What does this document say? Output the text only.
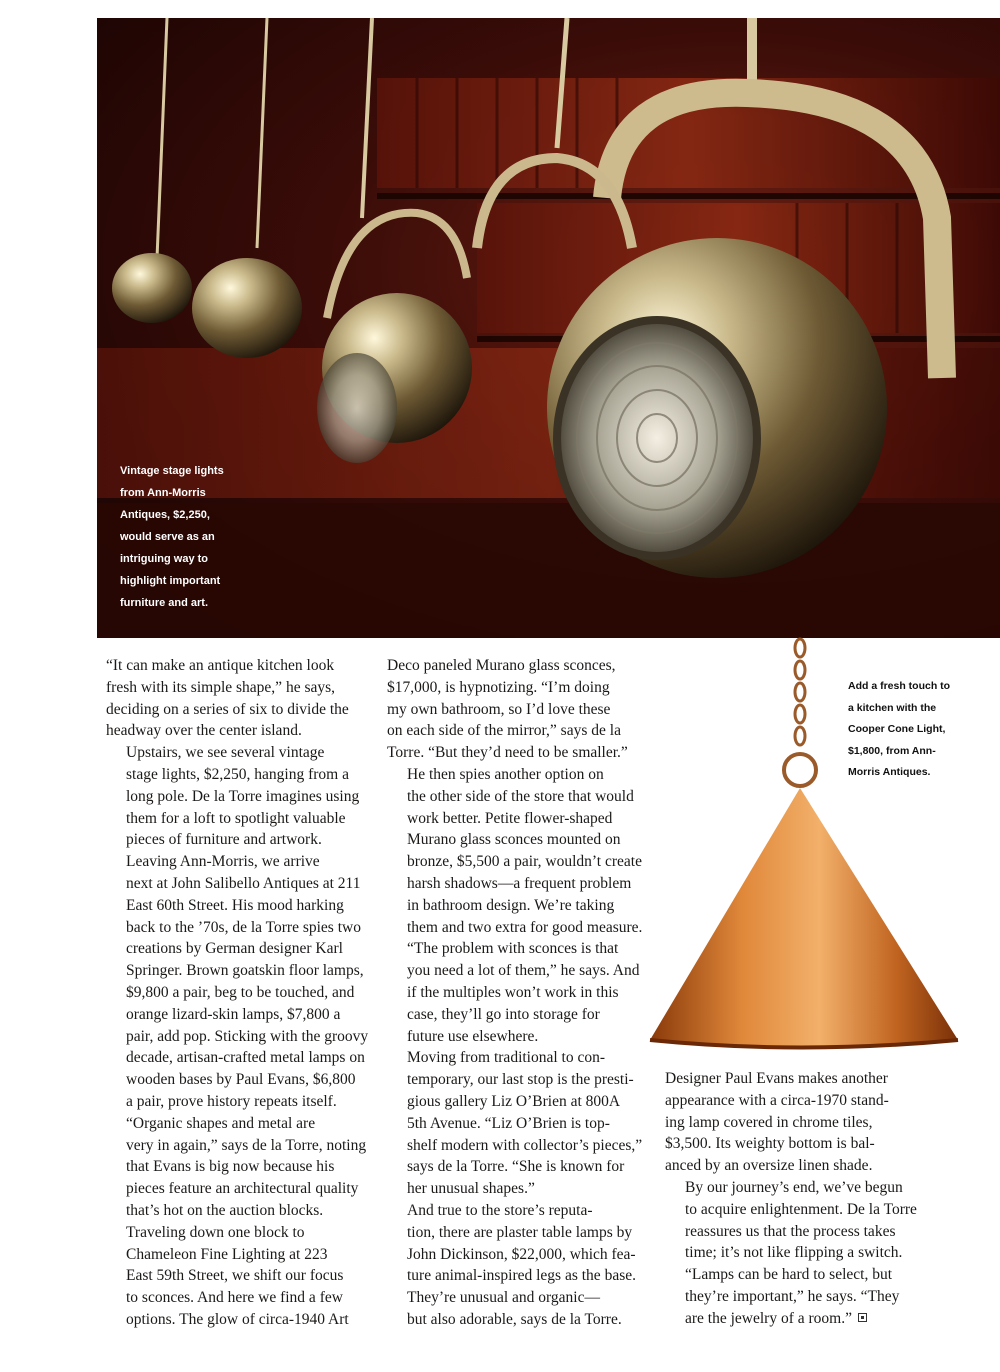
Vintage stage lights
from Ann-Morris
Antiques, $2,250,
would serve as an
intriguing way to
highlight important
furniture and art.
Add a fresh touch to
a kitchen with the
Cooper Cone Light,
$1,800, from Ann-
Morris Antiques.

“It can make an antique kitchen look
fresh with its simple shape,” he says,
deciding on a series of six to divide the
headway over the center island.

Upstairs, we see several vintage
stage lights, $2,250, hanging from a
long pole. De la Torre imagines using
them for a loft to spotlight valuable
pieces of furniture and artwork.

Leaving Ann-Morris, we arrive
next at John Salibello Antiques at 211
East 60th Street. His mood harking
back to the ’70s, de la Torre spies two
creations by German designer Karl
Springer. Brown goatskin floor lamps,
$9,800 a pair, beg to be touched, and
orange lizard-skin lamps, $7,800 a
pair, add pop. Sticking with the groovy
decade, artisan-crafted metal lamps on
wooden bases by Paul Evans, $6,800
a pair, prove history repeats itself.

“Organic shapes and metal are
very in again,” says de la Torre, noting
that Evans is big now because his
pieces feature an architectural quality
that’s hot on the auction blocks.

Traveling down one block to
Chameleon Fine Lighting at 223
East 59th Street, we shift our focus
to sconces. And here we find a few
options. The glow of circa-1940 Art

Deco paneled Murano glass sconces,
$17,000, is hypnotizing. “I’m doing
my own bathroom, so I’d love these
on each side of the mirror,” says de la
Torre. “But they’d need to be smaller.”

He then spies another option on
the other side of the store that would
work better. Petite flower-shaped
Murano glass sconces mounted on
bronze, $5,500 a pair, wouldn’t create
harsh shadows—a frequent problem
in bathroom design. We’re taking
them and two extra for good measure.

“The problem with sconces is that
you need a lot of them,” he says. And
if the multiples won’t work in this
case, they’ll go into storage for
future use elsewhere.

Moving from traditional to con-
temporary, our last stop is the presti-
gious gallery Liz O’Brien at 800A
5th Avenue. “Liz O’Brien is top-
shelf modern with collector’s pieces,”
says de la Torre. “She is known for
her unusual shapes.”

And true to the store’s reputa-
tion, there are plaster table lamps by
John Dickinson, $22,000, which fea-
ture animal-inspired legs as the base.
They’re unusual and organic—
but also adorable, says de la Torre.

Designer Paul Evans makes another
appearance with a circa-1970 stand-
ing lamp covered in chrome tiles,
$3,500. Its weighty bottom is bal-
anced by an oversize linen shade.

By our journey’s end, we’ve begun
to acquire enlightenment. De la Torre
reassures us that the process takes
time; it’s not like flipping a switch.

“Lamps can be hard to select, but
they’re important,” he says. “They
are the jewelry of a room.”
